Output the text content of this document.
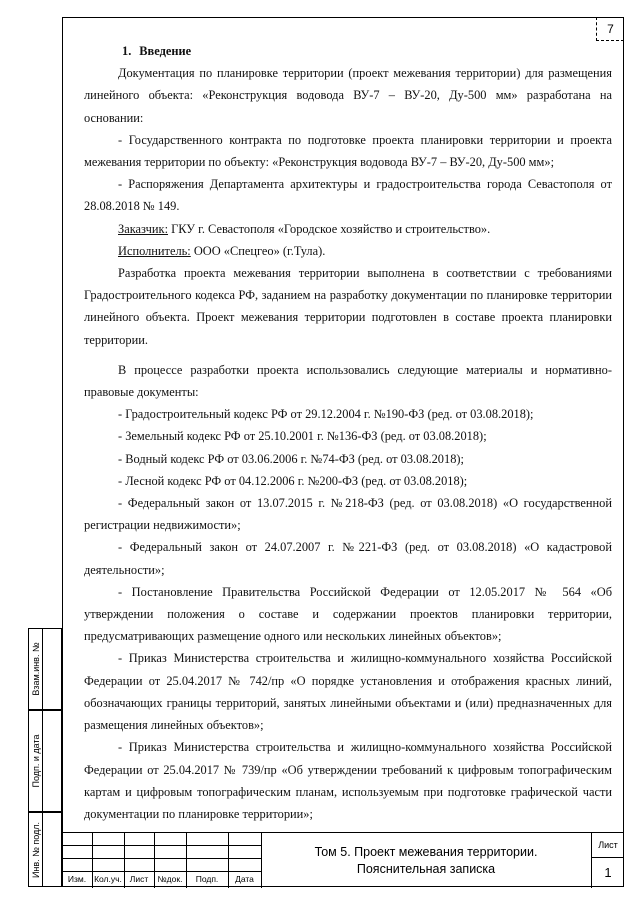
7
Взам.инв. №
Подп. и дата
Инв. № подл.

1. Введение

Документация по планировке территории (проект межевания территории) для размещения линейного объекта: «Реконструкция водовода ВУ-7 – ВУ-20, Ду-500 мм» разработана на основании:

- Государственного контракта по подготовке проекта планировки территории и проекта межевания территории по объекту: «Реконструкция водовода ВУ-7 – ВУ-20, Ду-500 мм»;

- Распоряжения Департамента архитектуры и градостроительства города Севастополя от 28.08.2018 № 149.

Заказчик: ГКУ г. Севастополя «Городское хозяйство и строительство».

Исполнитель: ООО «Спецгео» (г.Тула).

Разработка проекта межевания территории выполнена в соответствии с требованиями Градостроительного кодекса РФ, заданием на разработку документации по планировке территории линейного объекта. Проект межевания территории подготовлен в составе проекта планировки территории.

В процессе разработки проекта использовались следующие материалы и нормативно-правовые документы:

- Градостроительный кодекс РФ от 29.12.2004 г. №190-ФЗ (ред. от 03.08.2018);

- Земельный кодекс РФ от 25.10.2001 г. №136-ФЗ (ред. от 03.08.2018);

- Водный кодекс РФ от 03.06.2006 г. №74-ФЗ (ред. от 03.08.2018);

- Лесной кодекс РФ от 04.12.2006 г. №200-ФЗ (ред. от 03.08.2018);

- Федеральный закон от 13.07.2015 г. №218-ФЗ (ред. от 03.08.2018) «О государственной регистрации недвижимости»;

- Федеральный закон от 24.07.2007 г. №221-ФЗ (ред. от 03.08.2018) «О кадастровой деятельности»;

- Постановление Правительства Российской Федерации от 12.05.2017 № 564 «Об утверждении положения о составе и содержании проектов планировки территории, предусматривающих размещение одного или нескольких линейных объектов»;

- Приказ Министерства строительства и жилищно-коммунального хозяйства Российской Федерации от 25.04.2017 № 742/пр «О порядке установления и отображения красных линий, обозначающих границы территорий, занятых линейными объектами и (или) предназначенных для размещения линейных объектов»;

- Приказ Министерства строительства и жилищно-коммунального хозяйства Российской Федерации от 25.04.2017 № 739/пр «Об утверждении требований к цифровым топографическим картам и цифровым топографическим планам, используемым при подготовке графической части документации по планировке территории»;

Изм. Кол.уч. Лист	№док.	Подп.	Дата
Том 5. Проект межевания территории.
Пояснительная записка
Лист
1
